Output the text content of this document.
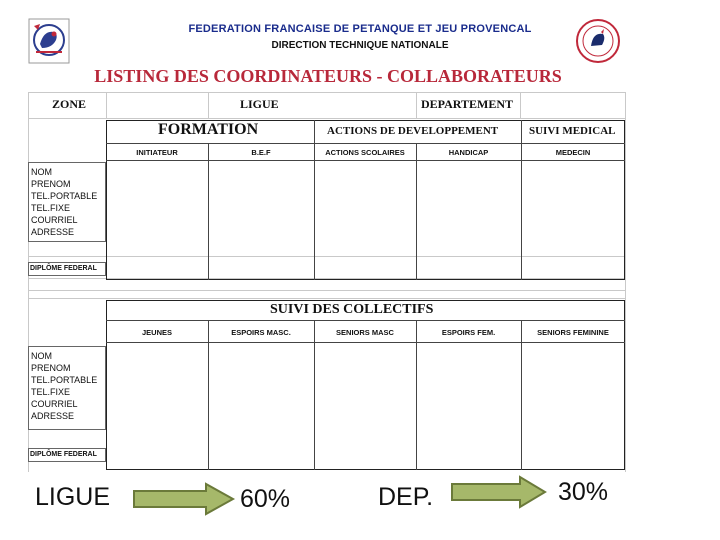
FEDERATION FRANCAISE DE PETANQUE ET JEU PROVENCAL
DIRECTION TECHNIQUE NATIONALE
LISTING DES COORDINATEURS - COLLABORATEURS
ZONE	LIGUE	DEPARTEMENT
FORMATION	ACTIONS DE DEVELOPPEMENT	SUIVI MEDICAL
INITIATEUR	B.E.F	ACTIONS SCOLAIRES	HANDICAP	MEDECIN
NOM
PRENOM
TEL.PORTABLE
TEL.FIXE
COURRIEL
ADRESSE
DIPLÔME FEDERAL
SUIVI DES COLLECTIFS
JEUNES	ESPOIRS MASC.	SENIORS MASC	ESPOIRS FEM.	SENIORS FEMININE
NOM
PRENOM
TEL.PORTABLE
TEL.FIXE
COURRIEL
ADRESSE
DIPLÔME FEDERAL
LIGUE	60%	DEP.	30%
